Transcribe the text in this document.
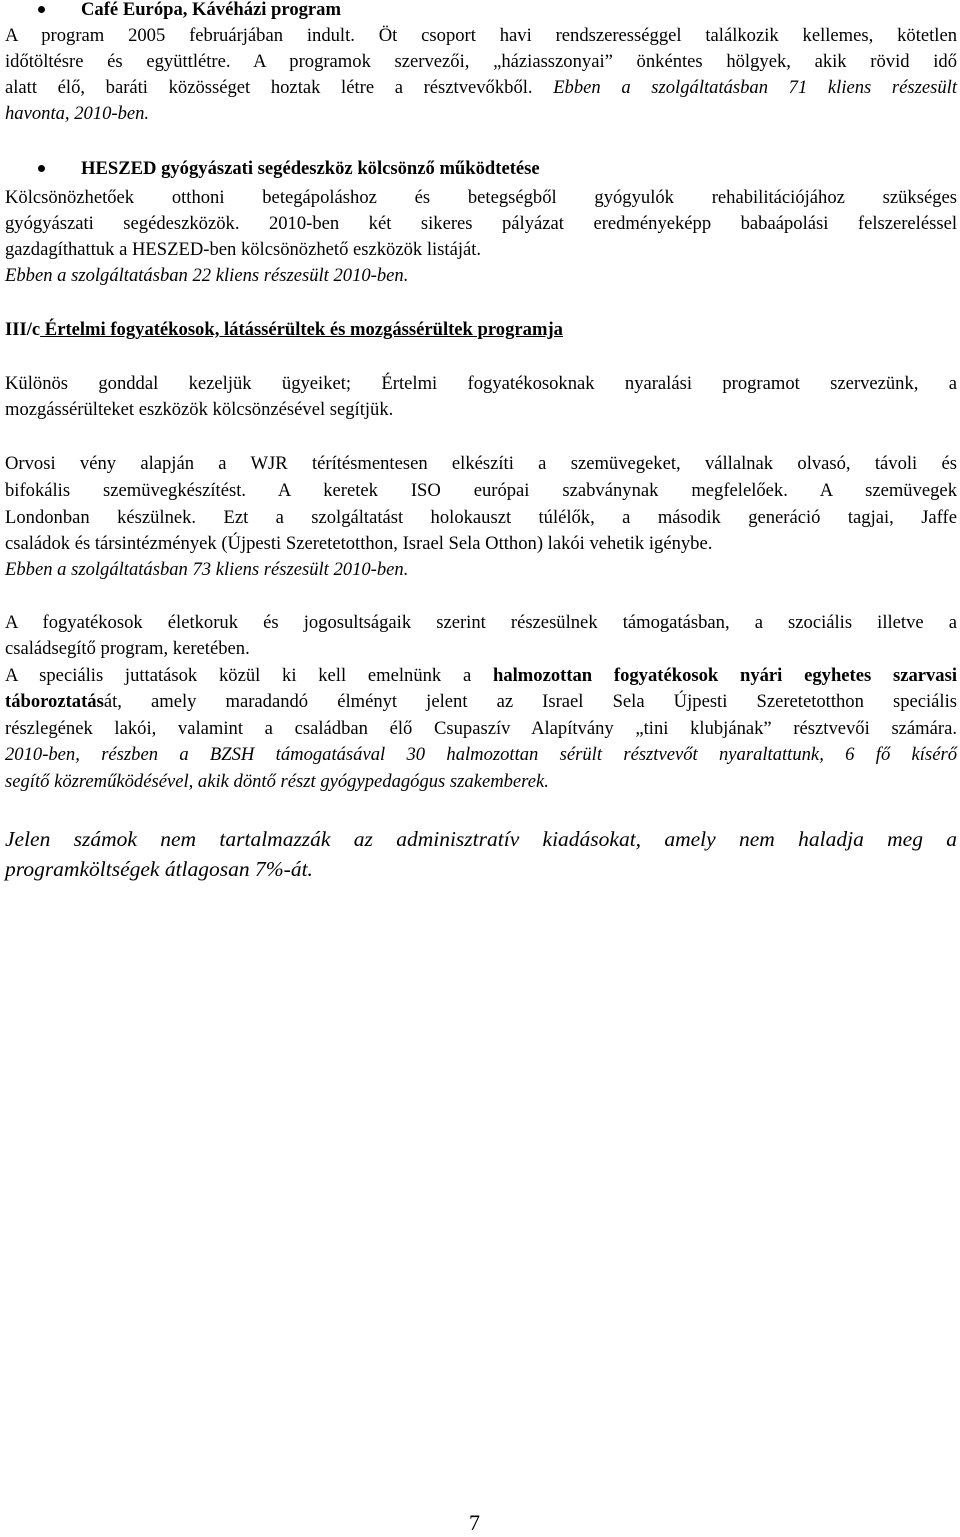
Café Európa, Kávéházi program
A program 2005 februárjában indult. Öt csoport havi rendszerességgel találkozik kellemes, kötetlen
időtöltésre és együttlétre. A programok szervezői, „háziasszonyai” önkéntes hölgyek, akik rövid idő
alatt élő, baráti közösséget hoztak létre a résztvevőkből. Ebben a szolgáltatásban 71 kliens részesült
havonta, 2010-ben.
HESZED gyógyászati segédeszköz kölcsönző működtetése
Kölcsönözhetőek otthoni betegápoláshoz és betegségből gyógyulók rehabilitációjához szükséges
gyógyászati segédeszközök. 2010-ben két sikeres pályázat eredményeképp babaápolási felszereléssel
gazdagíthattuk a HESZED-ben kölcsönözhető eszközök listáját.
Ebben a szolgáltatásban 22 kliens részesült 2010-ben.
III/c Értelmi fogyatékosok, látássérültek és mozgássérültek programja
Különös gonddal kezeljük ügyeiket; Értelmi fogyatékosoknak nyaralási programot szervezünk, a
mozgássérülteket eszközök kölcsönzésével segítjük.
Orvosi vény alapján a WJR térítésmentesen elkészíti a szemüvegeket, vállalnak olvasó, távoli és
bifokális szemüvegkészítést. A keretek ISO európai szabványnak megfelelőek. A szemüvegek
Londonban készülnek. Ezt a szolgáltatást holokauszt túlélők, a második generáció tagjai, Jaffe
családok és társintézmények (Újpesti Szeretetotthon, Israel Sela Otthon) lakói vehetik igénybe.
Ebben a szolgáltatásban 73 kliens részesült 2010-ben.
A fogyatékosok életkoruk és jogosultságaik szerint részesülnek támogatásban, a szociális illetve a
családsegítő program, keretében.
A speciális juttatások közül ki kell emelnünk a halmozottan fogyatékosok nyári egyhetes szarvasi
táboroztatását, amely maradandó élményt jelent az Israel Sela Újpesti Szeretetotthon speciális
részlegének lakói, valamint a családban élő Csupaszív Alapítvány „tini klubjának” résztvevői számára.
2010-ben, részben a BZSH támogatásával 30 halmozottan sérült résztvevőt nyaraltattunk, 6 fő kísérő
segítő közreműködésével, akik döntő részt gyógypedagógus szakemberek.
Jelen számok nem tartalmazzák az adminisztratív kiadásokat, amely nem haladja meg a
programköltségek átlagosan 7%-át.
7
